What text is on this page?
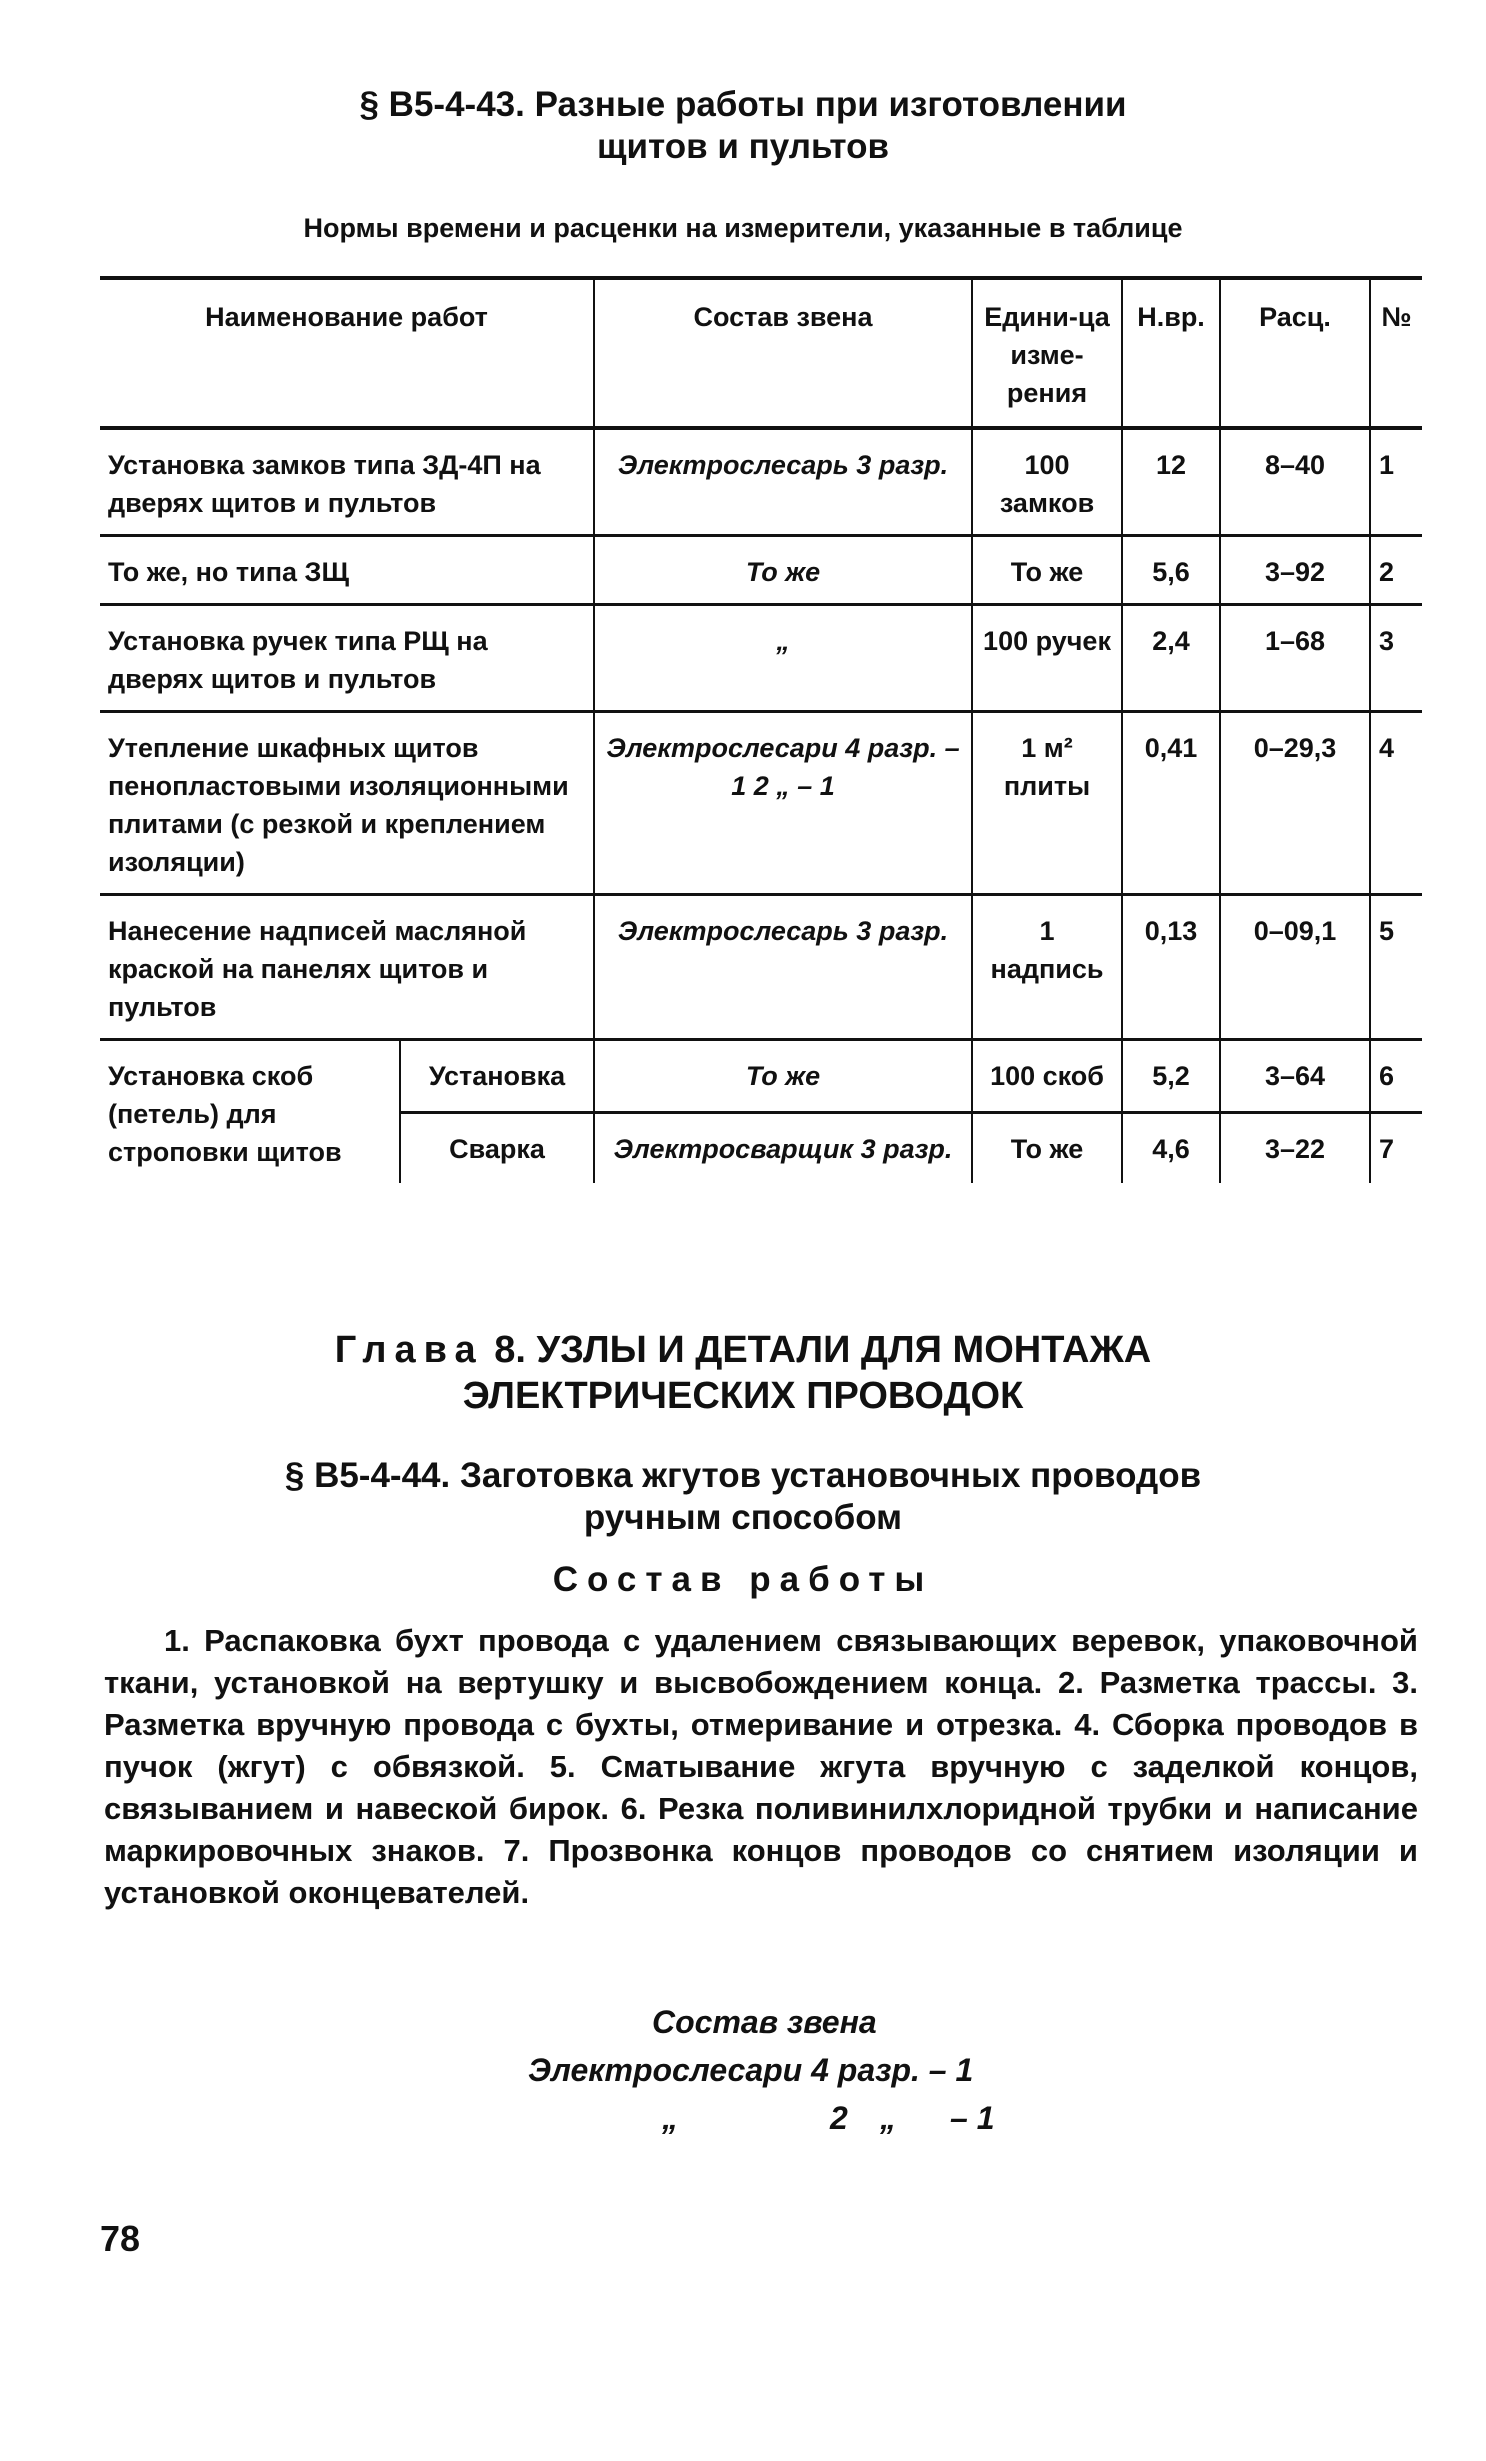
§ В5-4-43. Разные работы при изготовлении
щитов и пультов
Нормы времени и расценки на измерители, указанные в таблице
Наименование работ		Состав звена	Едини-ца изме-рения	Н.вр.	Расц.	№
Установка замков типа ЗД-4П на дверях щитов и пультов		Электрослесарь 3 разр.	100 замков	12	8–40	1
То же, но типа ЗЩ		То же	То же	5,6	3–92	2
Установка ручек типа РЩ на дверях щитов и пультов		„	100 ручек	2,4	1–68	3
Утепление шкафных щитов пенопластовыми изоляционными плитами (с резкой и креплением изоляции)		Электрослесари 4 разр. – 1 2 „ – 1	1 м² плиты	0,41	0–29,3	4
Нанесение надписей масляной краской на панелях щитов и пультов		Электрослесарь 3 разр.	1 надпись	0,13	0–09,1	5
Установка скоб (петель) для строповки щитов	Установка	То же	100 скоб	5,2	3–64	6
	Сварка	Электросварщик 3 разр.	То же	4,6	3–22	7
Глава 8. УЗЛЫ И ДЕТАЛИ ДЛЯ МОНТАЖА
ЭЛЕКТРИЧЕСКИХ ПРОВОДОК
§ В5-4-44. Заготовка жгутов установочных проводов
ручным способом
Состав работы
1. Распаковка бухт провода с удалением связывающих веревок, упаковочной ткани, установкой на вертушку и высвобождением конца. 2. Разметка трассы. 3. Разметка вручную провода с бухты, отмеривание и отрезка. 4. Сборка проводов в пучок (жгут) с обвязкой. 5. Сматывание жгута вручную с заделкой концов, связыванием и навеской бирок. 6. Резка поливинилхлоридной трубки и написание маркировочных знаков. 7. Прозвонка концов проводов со снятием изоляции и установкой оконцевателей.
Состав звена
Электрослесари 4 разр. – 1
„	2 „ – 1
78
